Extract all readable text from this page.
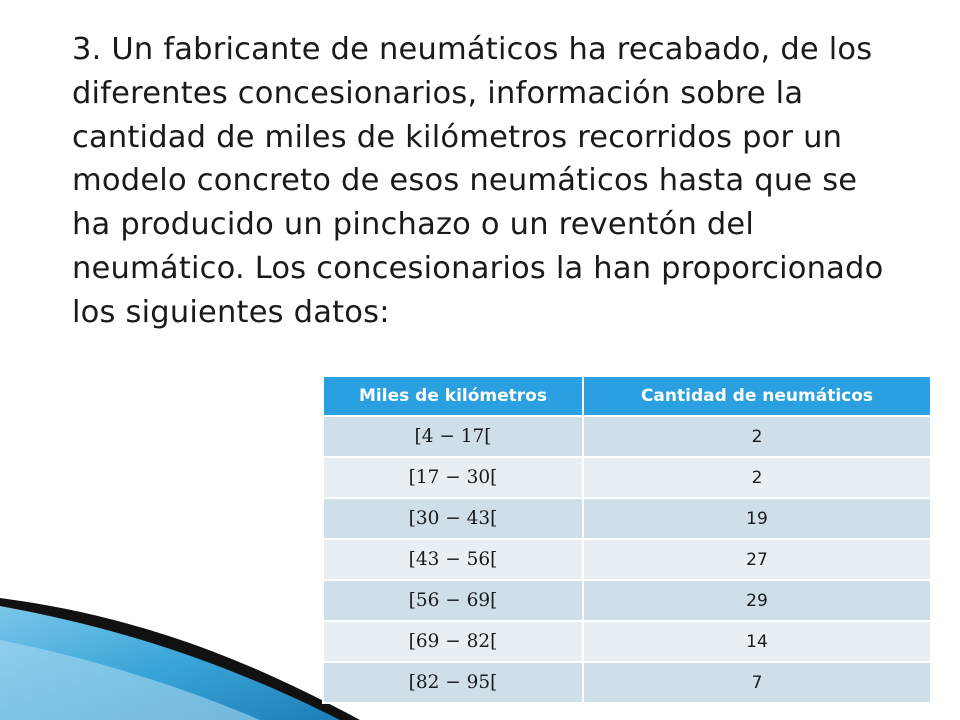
3. Un fabricante de neumáticos ha recabado, de los diferentes concesionarios, información sobre la cantidad de miles de kilómetros recorridos por un modelo concreto de esos neumáticos hasta que se ha producido un pinchazo o un reventón del neumático. Los concesionarios la han proporcionado los siguientes datos:

Miles de kilómetros	Cantidad de neumáticos
[4 − 17[	2
[17 − 30[	2
[30 − 43[	19
[43 − 56[	27
[56 − 69[	29
[69 − 82[	14
[82 − 95[	7
